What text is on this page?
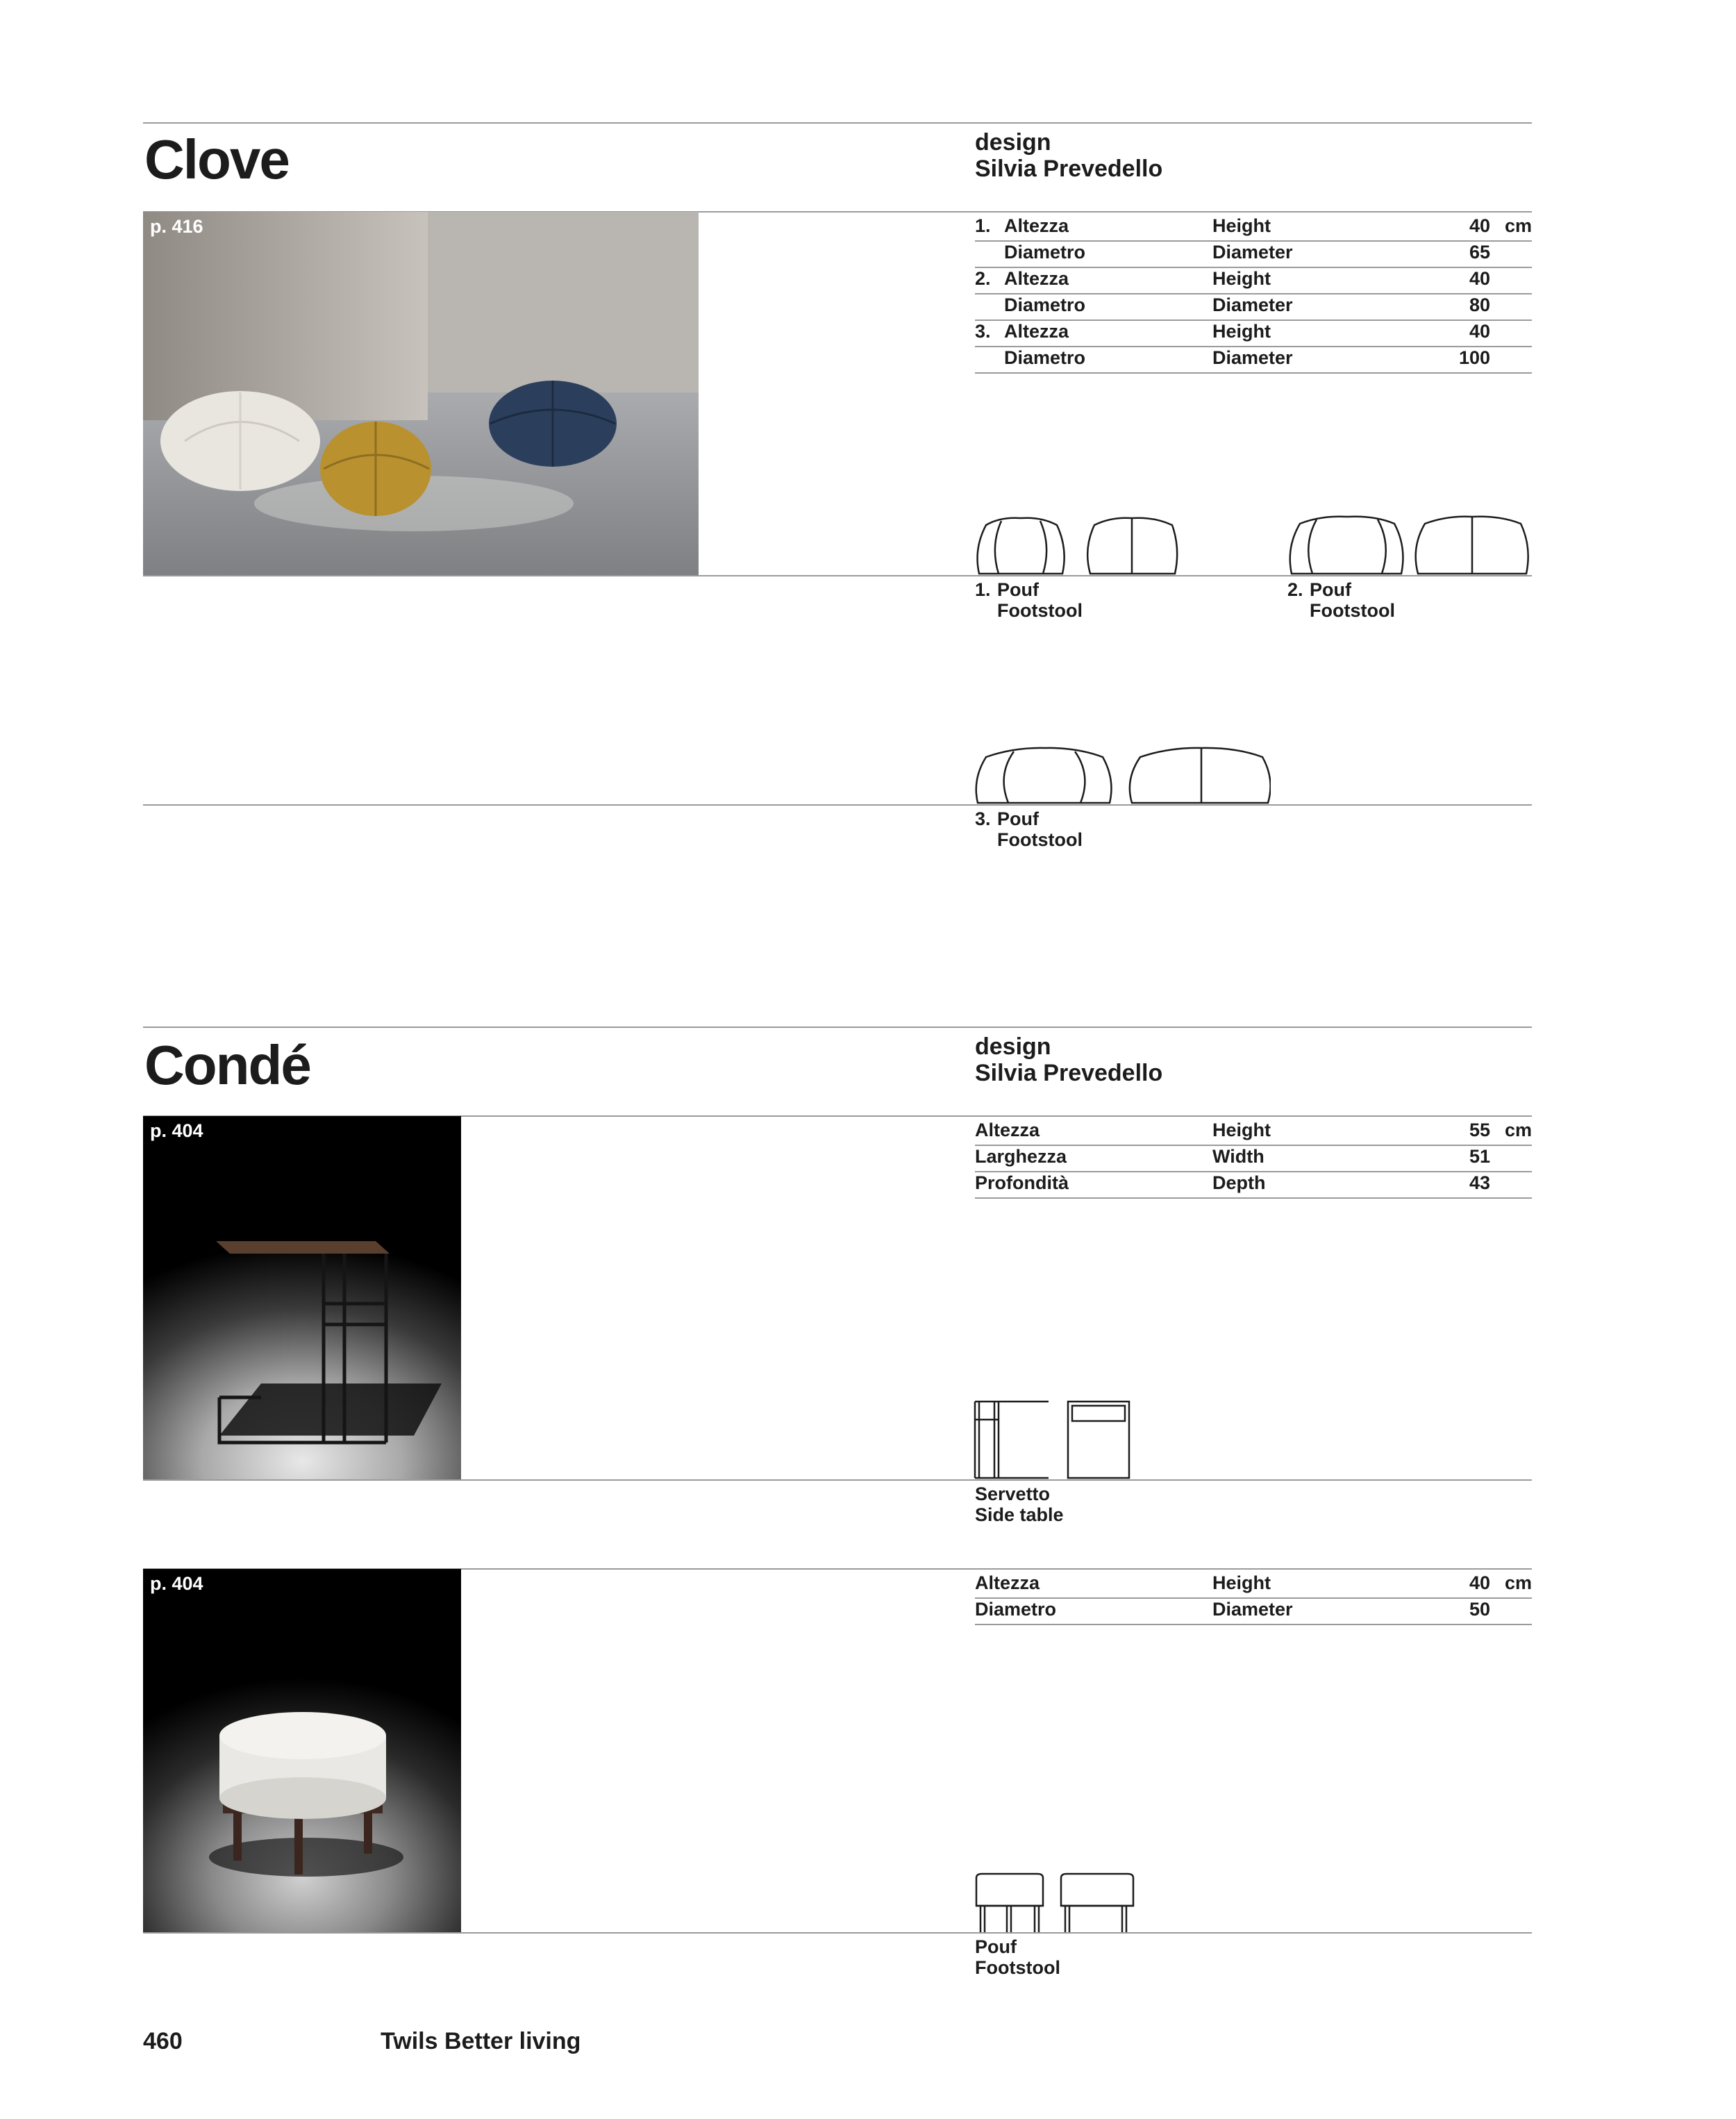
Clove	design
Silvia Prevedello
p. 416	1. Altezza	Height	40 cm
Diametro	Diameter	65
2. Altezza	Height	40
Diametro	Diameter	80
3. Altezza	Height	40
Diametro	Diameter	100
1. Pouf
Footstool
2. Pouf
Footstool
3. Pouf
Footstool
Condé	design
Silvia Prevedello
p. 404	Altezza	Height	55 cm
Larghezza	Width	51
Profondità	Depth	43
Servetto
Side table
p. 404	Altezza	Height	40 cm
Diametro	Diameter	50
Pouf
Footstool
460	Twils Better living
